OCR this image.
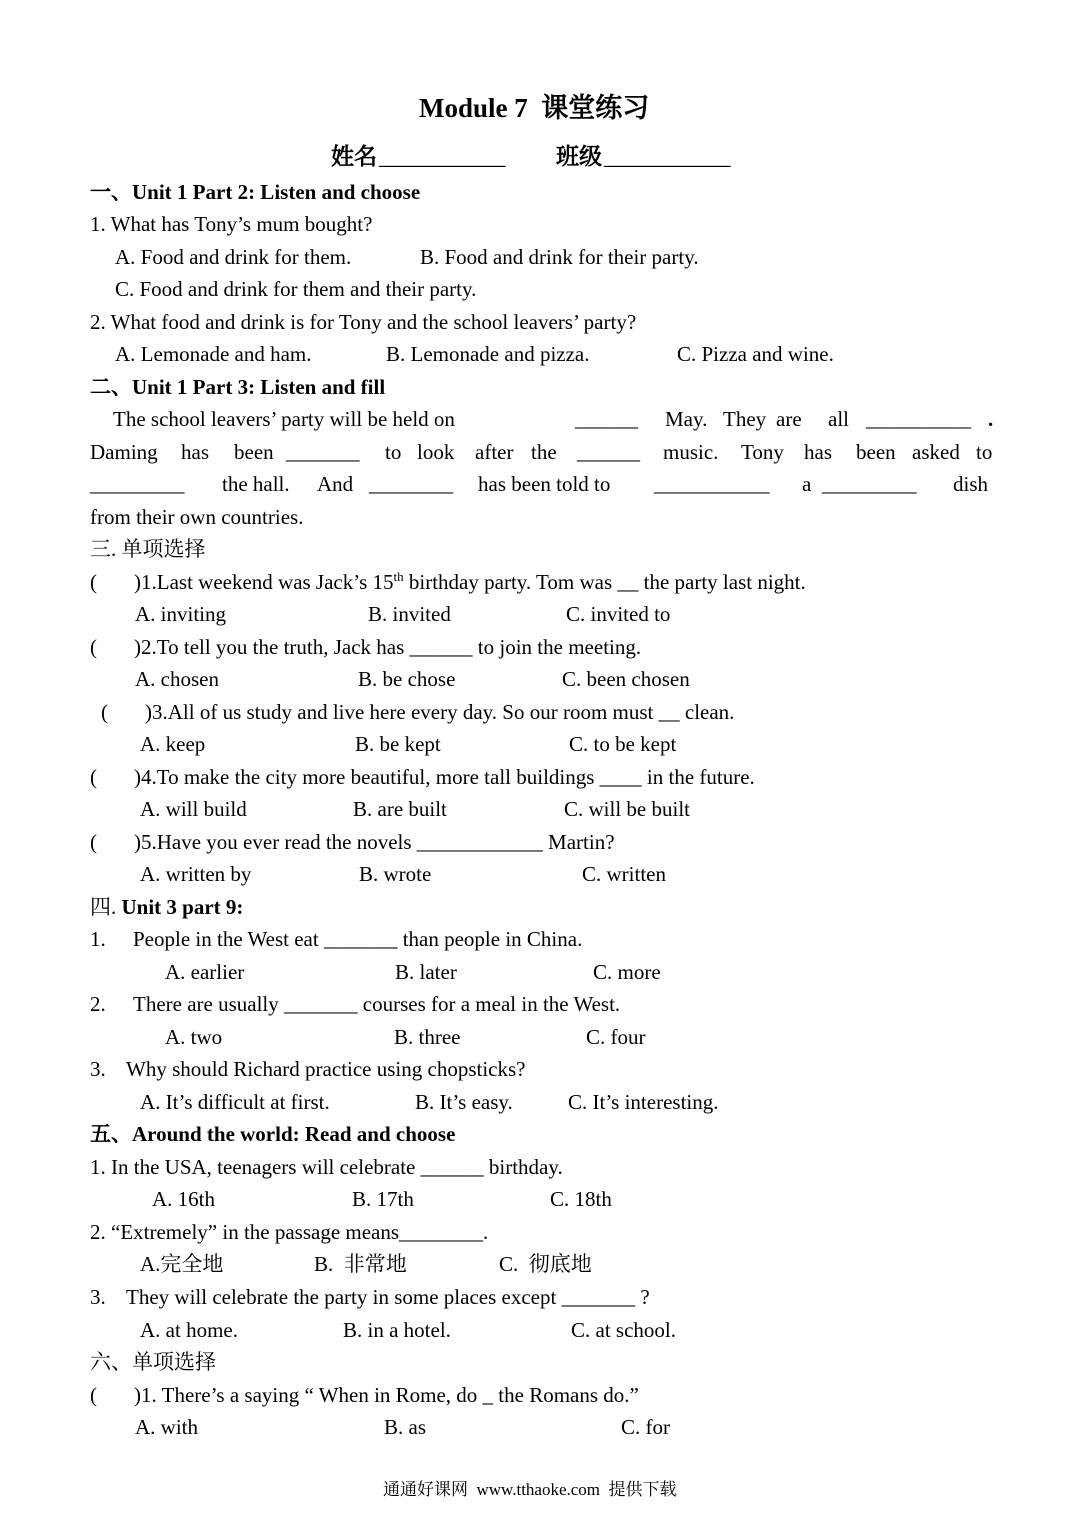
Module 7  课堂练习
姓名 ___________ 班级 ___________
一、Unit 1 Part 2: Listen and choose
1. What has Tony’s mum bought?
A. Food and drink for them.	B. Food and drink for their party.
C. Food and drink for them and their party.
2. What food and drink is for Tony and the school leavers’ party?
A. Lemonade and ham.	B. Lemonade and pizza.	C. Pizza and wine.
二、Unit 1 Part 3: Listen and fill
The school leavers’ party will be held on	______ May. They are all __________ .
Daming has been _______ to look after the ______ music. Tony has been asked to
_________ the hall. And ________ has been told to ___________ a _________ dish
from their own countries.
三. 单项选择
( )1.Last weekend was Jack’s 15th birthday party. Tom was __ the party last night.
A. inviting	B. invited	C. invited to
( )2.To tell you the truth, Jack has ______ to join the meeting.
A. chosen	B. be chose	C. been chosen
( )3.All of us study and live here every day. So our room must __ clean.
A. keep	B. be kept	C. to be kept
( )4.To make the city more beautiful, more tall buildings ____ in the future.
A. will build	B. are built	C. will be built
( )5.Have you ever read the novels ____________ Martin?
A. written by	B. wrote	C. written
四. Unit 3 part 9:
1. People in the West eat _______ than people in China.
A. earlier	B. later	C. more
2. There are usually _______ courses for a meal in the West.
A. two	B. three	C. four
3. Why should Richard practice using chopsticks?
A. It’s difficult at first.	B. It’s easy.	C. It’s interesting.
五、Around the world: Read and choose
1. In the USA, teenagers will celebrate ______ birthday.
A. 16th	B. 17th	C. 18th
2. “Extremely” in the passage means________.
A.完全地	B.  非常地	C.  彻底地
3. They will celebrate the party in some places except _______ ?
A. at home.	B. in a hotel.	C. at school.
六、单项选择
( )1. There’s a saying “ When in Rome, do _ the Romans do.”
A. with	B. as	C. for
通通好课网  www.tthaoke.com  提供下载
